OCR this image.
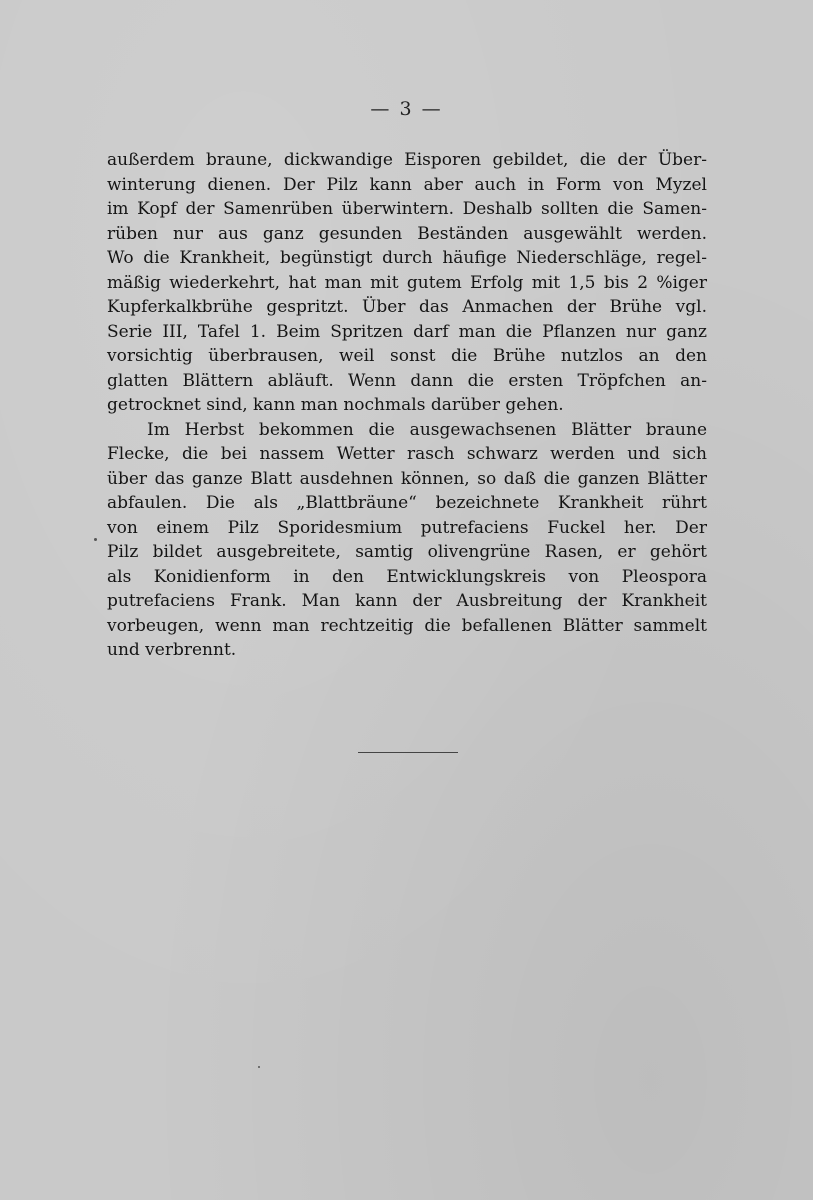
— 3 —
außerdem braune, dickwandige Eisporen gebildet, die der Über-
winterung dienen. Der Pilz kann aber auch in Form von Myzel
im Kopf der Samenrüben überwintern. Deshalb sollten die Samen-
rüben nur aus ganz gesunden Beständen ausgewählt werden.
Wo die Krankheit, begünstigt durch häufige Niederschläge, regel-
mäßig wiederkehrt, hat man mit gutem Erfolg mit 1,5 bis 2 %iger
Kupferkalkbrühe gespritzt. Über das Anmachen der Brühe vgl.
Serie III, Tafel 1. Beim Spritzen darf man die Pflanzen nur ganz
vorsichtig überbrausen, weil sonst die Brühe nutzlos an den
glatten Blättern abläuft. Wenn dann die ersten Tröpfchen an-
getrocknet sind, kann man nochmals darüber gehen.
Im Herbst bekommen die ausgewachsenen Blätter braune
Flecke, die bei nassem Wetter rasch schwarz werden und sich
über das ganze Blatt ausdehnen können, so daß die ganzen Blätter
abfaulen. Die als „Blattbräune“ bezeichnete Krankheit rührt
von einem Pilz Sporidesmium putrefaciens Fuckel her. Der
Pilz bildet ausgebreitete, samtig olivengrüne Rasen, er gehört
als Konidienform in den Entwicklungskreis von Pleospora
putrefaciens Frank. Man kann der Ausbreitung der Krankheit
vorbeugen, wenn man rechtzeitig die befallenen Blätter sammelt
und verbrennt.
